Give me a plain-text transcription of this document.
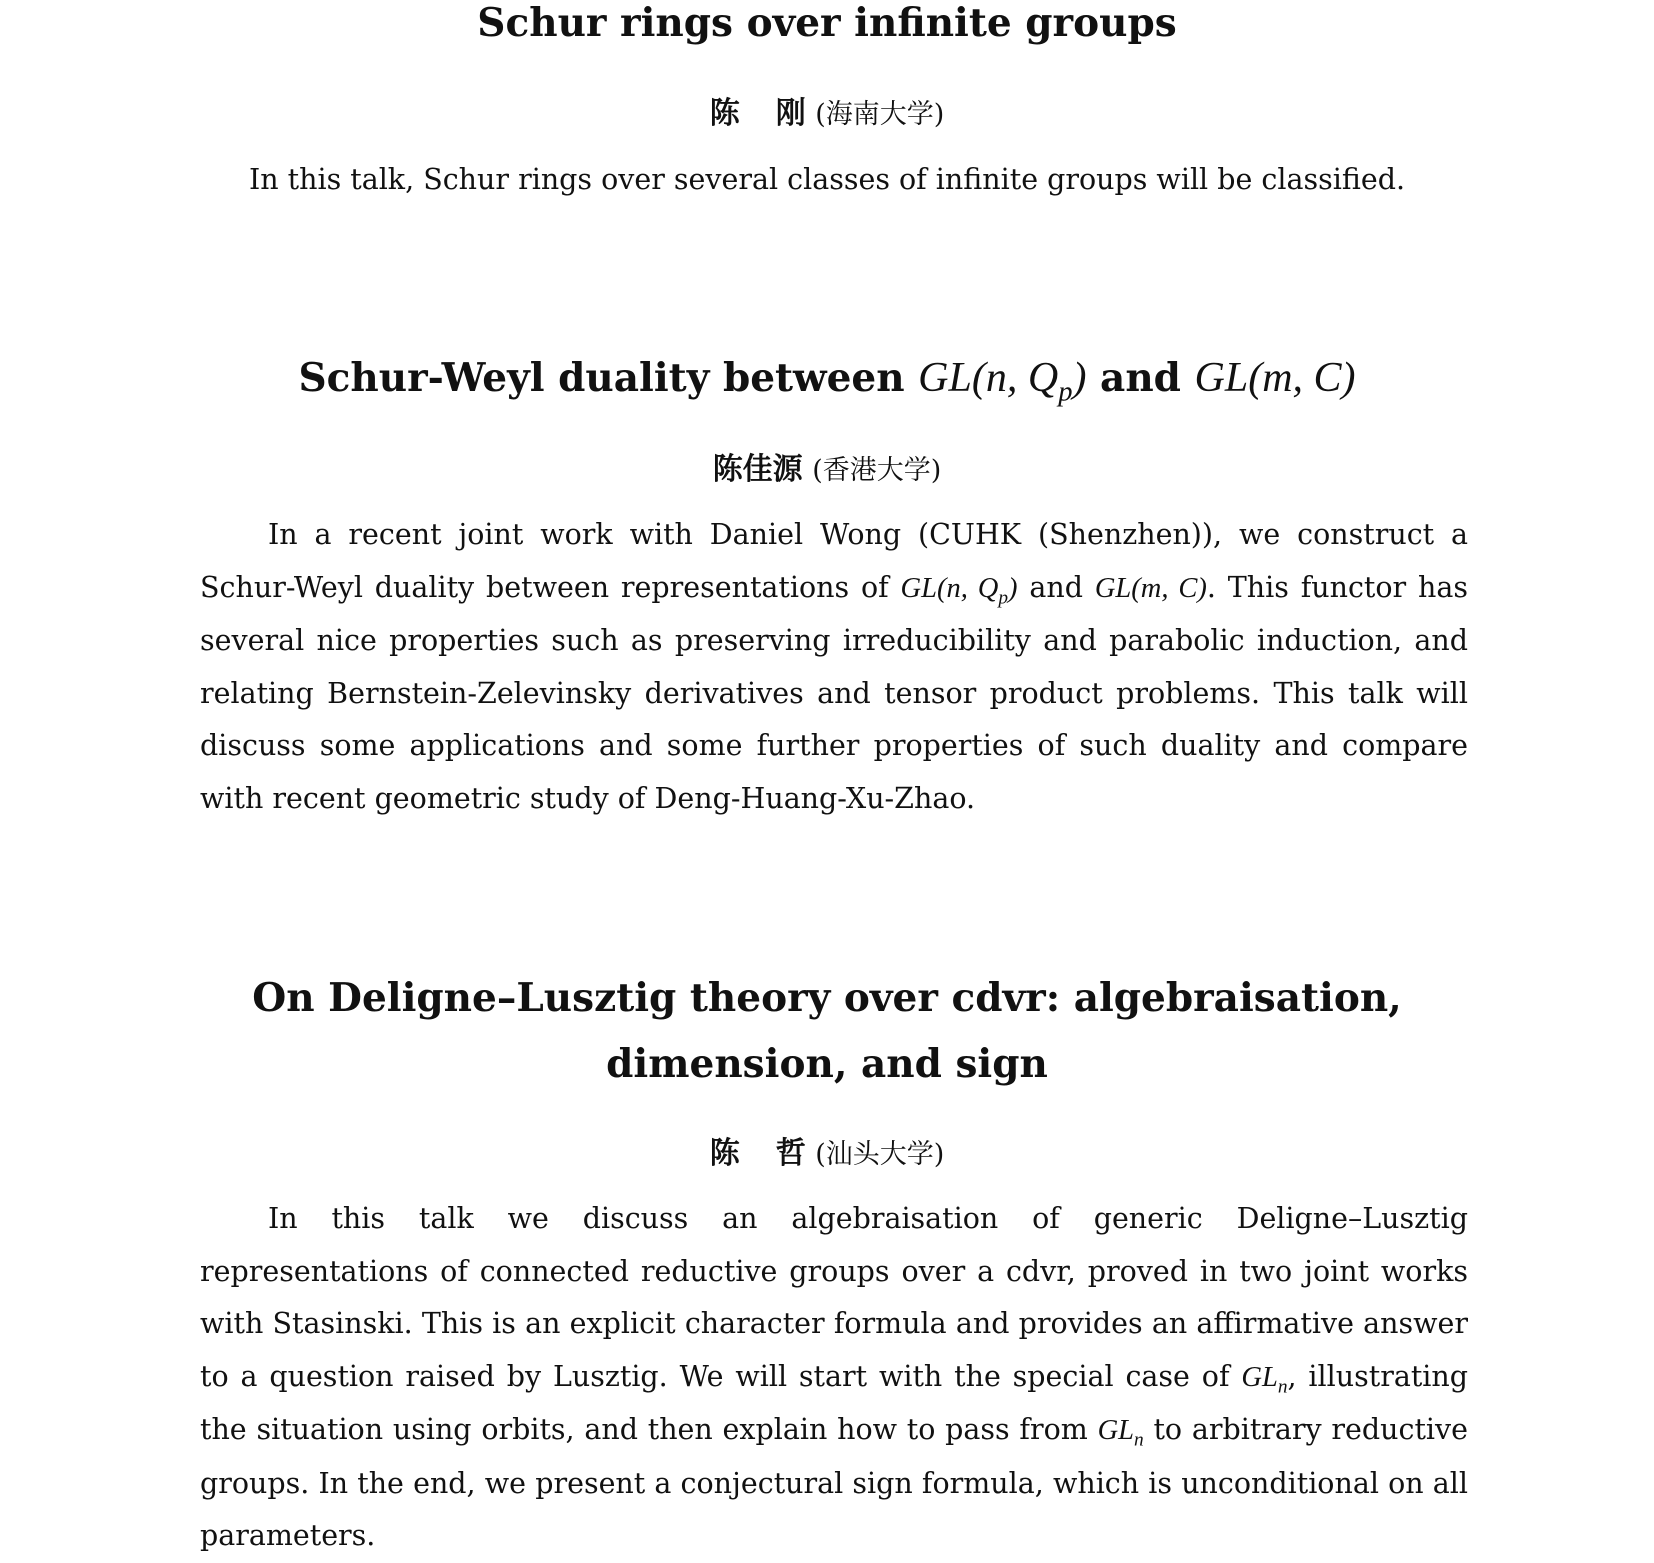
Schur rings over infinite groups

陈 刚 (海南大学)

In this talk, Schur rings over several classes of infinite groups will be classified.

Schur-Weyl duality between GL(n, $Q_p$) and GL(m, C)

陈佳源 (香港大学)

In a recent joint work with Daniel Wong (CUHK (Shenzhen)), we construct a Schur-Weyl duality between representations of GL(n, $Q_p$) and GL(m, C). This functor has several nice properties such as preserving irreducibility and parabolic induction, and relating Bernstein-Zelevinsky derivatives and tensor product problems. This talk will discuss some applications and some further properties of such duality and compare with recent geometric study of Deng-Huang-Xu-Zhao.

On Deligne–Lusztig theory over cdvr: algebraisation,
dimension, and sign

陈 哲 (汕头大学)

In this talk we discuss an algebraisation of generic Deligne–Lusztig representations of connected reductive groups over a cdvr, proved in two joint works with Stasinski. This is an explicit character formula and provides an affirmative answer to a question raised by Lusztig. We will start with the special case of $GL_n$, illustrating the situation using orbits, and then explain how to pass from $GL_n$ to arbitrary reductive groups. In the end, we present a conjectural sign formula, which is unconditional on all parameters.
